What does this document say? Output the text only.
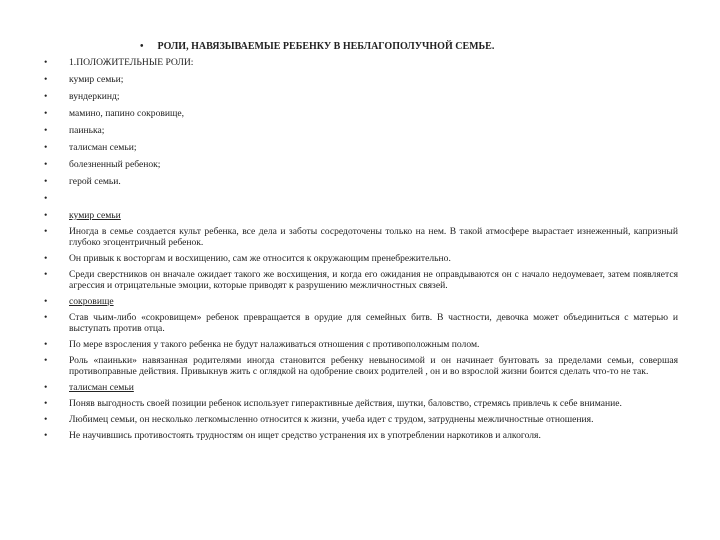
• РОЛИ, НАВЯЗЫВАЕМЫЕ РЕБЕНКУ В НЕБЛАГОПОЛУЧНОЙ СЕМЬЕ.
•	1.ПОЛОЖИТЕЛЬНЫЕ РОЛИ:
•	кумир семьи;
•	вундеркинд;
•	мамино, папино сокровище,
•	паинька;
•	талисман семьи;
•	болезненный ребенок;
•	герой семьи.
•
•	кумир семьи
•	Иногда в семье создается культ ребенка, все дела и заботы сосредоточены только на нем. В такой атмосфере вырастает изнеженный, капризный глубоко эгоцентричный ребенок.
•	Он привык к восторгам и восхищению, сам же относится к окружающим пренебрежительно.
•	Среди сверстников он вначале ожидает такого же восхищения, и когда его ожидания не оправдываются он с начало недоумевает, затем появляется агрессия и отрицательные эмоции, которые приводят к разрушению межличностных связей.
•	сокровище
•	Став чьим-либо «сокровищем» ребенок превращается в орудие для семейных битв. В частности, девочка может объединиться с матерью и выступать против отца.
•	По мере взросления у такого ребенка не будут налаживаться отношения с противоположным полом.
•	Роль «паиньки» навязанная родителями иногда становится ребенку невыносимой и он начинает бунтовать за пределами семьи, совершая противоправные действия. Привыкнув жить с оглядкой на одобрение своих родителей , он и во взрослой жизни боится сделать что-то не так.
•	талисман семьи
•	Поняв выгодность своей позиции ребенок использует гиперактивные действия, шутки, баловство, стремясь привлечь к себе внимание.
•	Любимец семьи, он несколько легкомысленно относится к жизни, учеба идет с трудом, затруднены межличностные отношения.
•	Не научившись противостоять трудностям он ищет средство устранения их в употреблении наркотиков и алкоголя.
